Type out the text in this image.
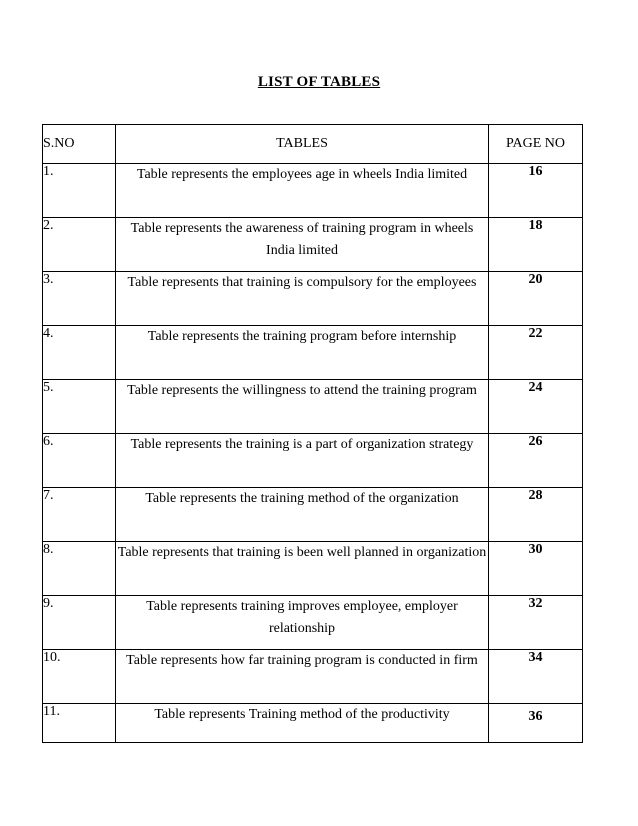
LIST OF TABLES
S.NO	TABLES	PAGE NO
1.	Table represents the employees age in wheels India limited	16
2.	Table represents the awareness of training program in wheels India limited	18
3.	Table represents that training is compulsory for the employees	20
4.	Table represents the training program before internship	22
5.	Table represents the willingness to attend the training program	24
6.	Table represents the training is a part of organization strategy	26
7.	Table represents the training method of the organization	28
8.	Table represents that training is been well planned in organization	30
9.	Table represents training improves employee, employer relationship	32
10.	Table represents how far training program is conducted in firm	34
11.	Table represents Training method of the productivity	36
